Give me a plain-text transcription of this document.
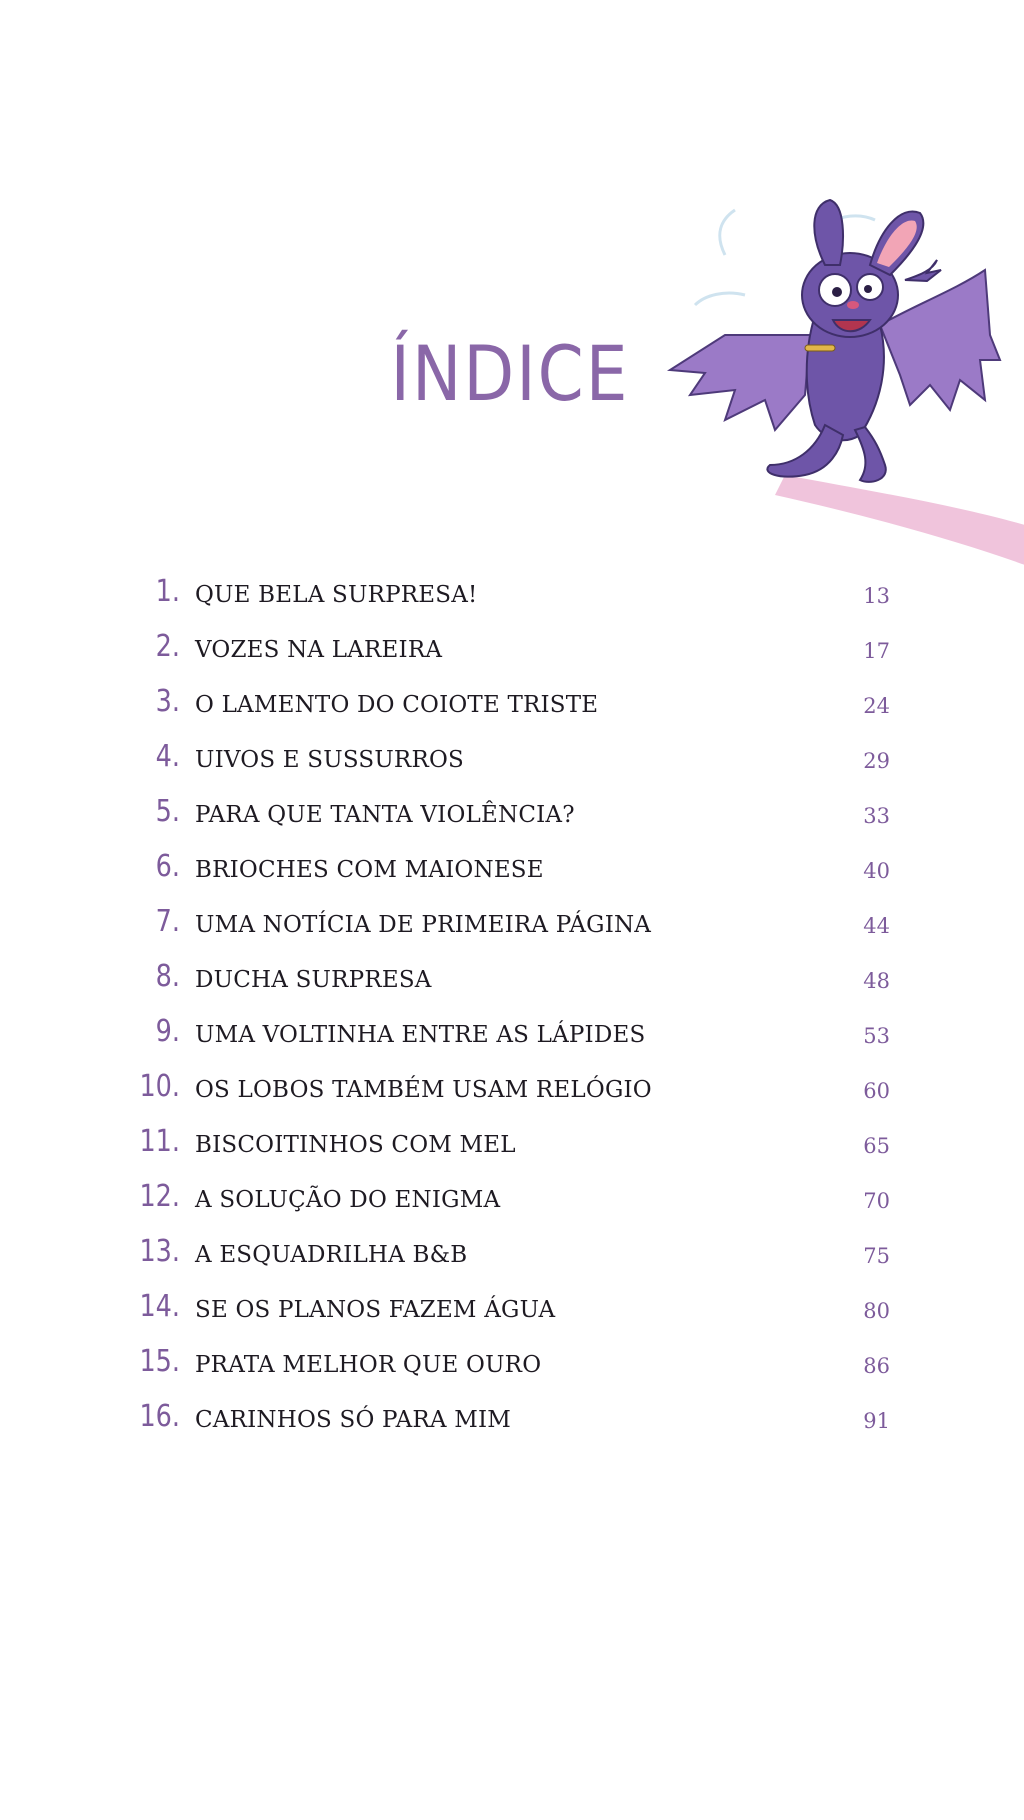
ÍNDICE
1. QUE BELA SURPRESA!	13
2. VOZES NA LAREIRA	17
3. O LAMENTO DO COIOTE TRISTE	24
4. UIVOS E SUSSURROS	29
5. PARA QUE TANTA VIOLÊNCIA?	33
6. BRIOCHES COM MAIONESE	40
7. UMA NOTÍCIA DE PRIMEIRA PÁGINA	44
8. DUCHA SURPRESA	48
9. UMA VOLTINHA ENTRE AS LÁPIDES	53
10. OS LOBOS TAMBÉM USAM RELÓGIO	60
11. BISCOITINHOS COM MEL	65
12. A SOLUÇÃO DO ENIGMA	70
13. A ESQUADRILHA B&B	75
14. SE OS PLANOS FAZEM ÁGUA	80
15. PRATA MELHOR QUE OURO	86
16. CARINHOS SÓ PARA MIM	91
